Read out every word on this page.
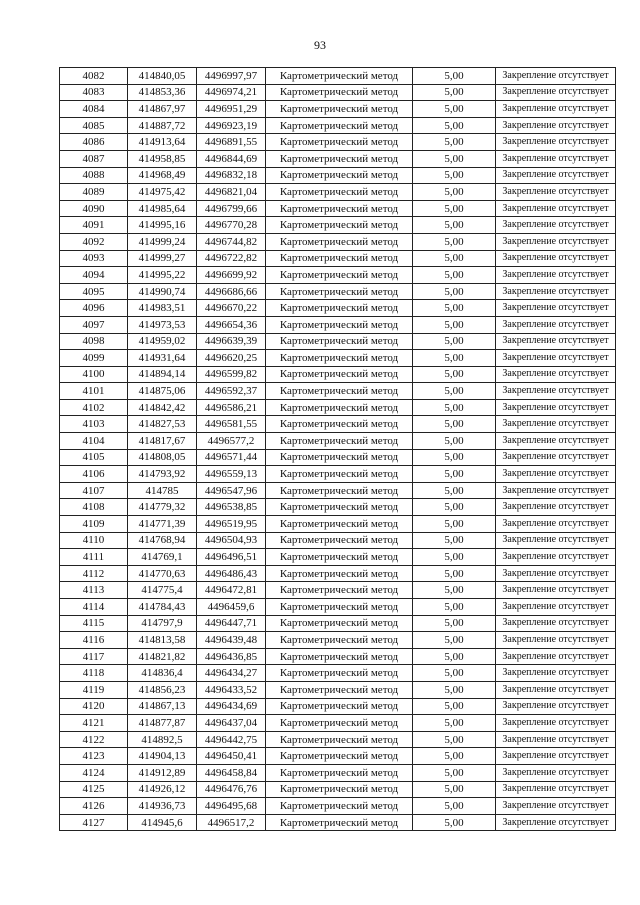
93
4082	414840,05	4496997,97	Картометрический метод	5,00	Закрепление отсутствует
4083	414853,36	4496974,21	Картометрический метод	5,00	Закрепление отсутствует
4084	414867,97	4496951,29	Картометрический метод	5,00	Закрепление отсутствует
4085	414887,72	4496923,19	Картометрический метод	5,00	Закрепление отсутствует
4086	414913,64	4496891,55	Картометрический метод	5,00	Закрепление отсутствует
4087	414958,85	4496844,69	Картометрический метод	5,00	Закрепление отсутствует
4088	414968,49	4496832,18	Картометрический метод	5,00	Закрепление отсутствует
4089	414975,42	4496821,04	Картометрический метод	5,00	Закрепление отсутствует
4090	414985,64	4496799,66	Картометрический метод	5,00	Закрепление отсутствует
4091	414995,16	4496770,28	Картометрический метод	5,00	Закрепление отсутствует
4092	414999,24	4496744,82	Картометрический метод	5,00	Закрепление отсутствует
4093	414999,27	4496722,82	Картометрический метод	5,00	Закрепление отсутствует
4094	414995,22	4496699,92	Картометрический метод	5,00	Закрепление отсутствует
4095	414990,74	4496686,66	Картометрический метод	5,00	Закрепление отсутствует
4096	414983,51	4496670,22	Картометрический метод	5,00	Закрепление отсутствует
4097	414973,53	4496654,36	Картометрический метод	5,00	Закрепление отсутствует
4098	414959,02	4496639,39	Картометрический метод	5,00	Закрепление отсутствует
4099	414931,64	4496620,25	Картометрический метод	5,00	Закрепление отсутствует
4100	414894,14	4496599,82	Картометрический метод	5,00	Закрепление отсутствует
4101	414875,06	4496592,37	Картометрический метод	5,00	Закрепление отсутствует
4102	414842,42	4496586,21	Картометрический метод	5,00	Закрепление отсутствует
4103	414827,53	4496581,55	Картометрический метод	5,00	Закрепление отсутствует
4104	414817,67	4496577,2	Картометрический метод	5,00	Закрепление отсутствует
4105	414808,05	4496571,44	Картометрический метод	5,00	Закрепление отсутствует
4106	414793,92	4496559,13	Картометрический метод	5,00	Закрепление отсутствует
4107	414785	4496547,96	Картометрический метод	5,00	Закрепление отсутствует
4108	414779,32	4496538,85	Картометрический метод	5,00	Закрепление отсутствует
4109	414771,39	4496519,95	Картометрический метод	5,00	Закрепление отсутствует
4110	414768,94	4496504,93	Картометрический метод	5,00	Закрепление отсутствует
4111	414769,1	4496496,51	Картометрический метод	5,00	Закрепление отсутствует
4112	414770,63	4496486,43	Картометрический метод	5,00	Закрепление отсутствует
4113	414775,4	4496472,81	Картометрический метод	5,00	Закрепление отсутствует
4114	414784,43	4496459,6	Картометрический метод	5,00	Закрепление отсутствует
4115	414797,9	4496447,71	Картометрический метод	5,00	Закрепление отсутствует
4116	414813,58	4496439,48	Картометрический метод	5,00	Закрепление отсутствует
4117	414821,82	4496436,85	Картометрический метод	5,00	Закрепление отсутствует
4118	414836,4	4496434,27	Картометрический метод	5,00	Закрепление отсутствует
4119	414856,23	4496433,52	Картометрический метод	5,00	Закрепление отсутствует
4120	414867,13	4496434,69	Картометрический метод	5,00	Закрепление отсутствует
4121	414877,87	4496437,04	Картометрический метод	5,00	Закрепление отсутствует
4122	414892,5	4496442,75	Картометрический метод	5,00	Закрепление отсутствует
4123	414904,13	4496450,41	Картометрический метод	5,00	Закрепление отсутствует
4124	414912,89	4496458,84	Картометрический метод	5,00	Закрепление отсутствует
4125	414926,12	4496476,76	Картометрический метод	5,00	Закрепление отсутствует
4126	414936,73	4496495,68	Картометрический метод	5,00	Закрепление отсутствует
4127	414945,6	4496517,2	Картометрический метод	5,00	Закрепление отсутствует
